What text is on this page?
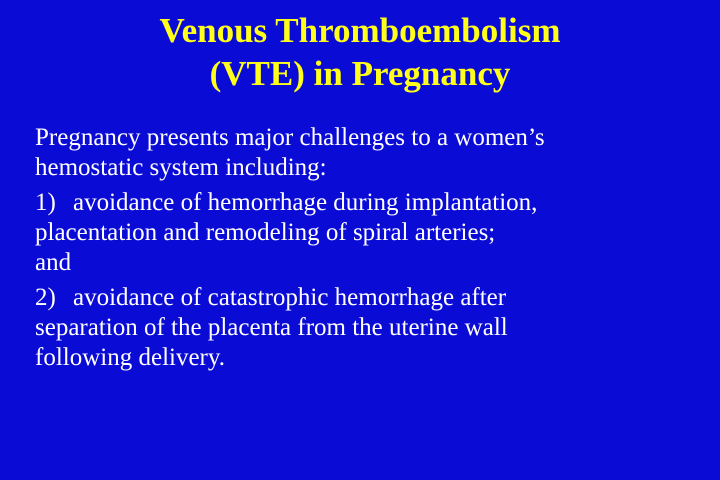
Venous Thromboembolism
(VTE) in Pregnancy
Pregnancy presents major challenges to a women’s
hemostatic system including:
1) avoidance of hemorrhage during implantation,
placentation and remodeling of spiral arteries;
and
2) avoidance of catastrophic hemorrhage after
separation of the placenta from the uterine wall
following delivery.
